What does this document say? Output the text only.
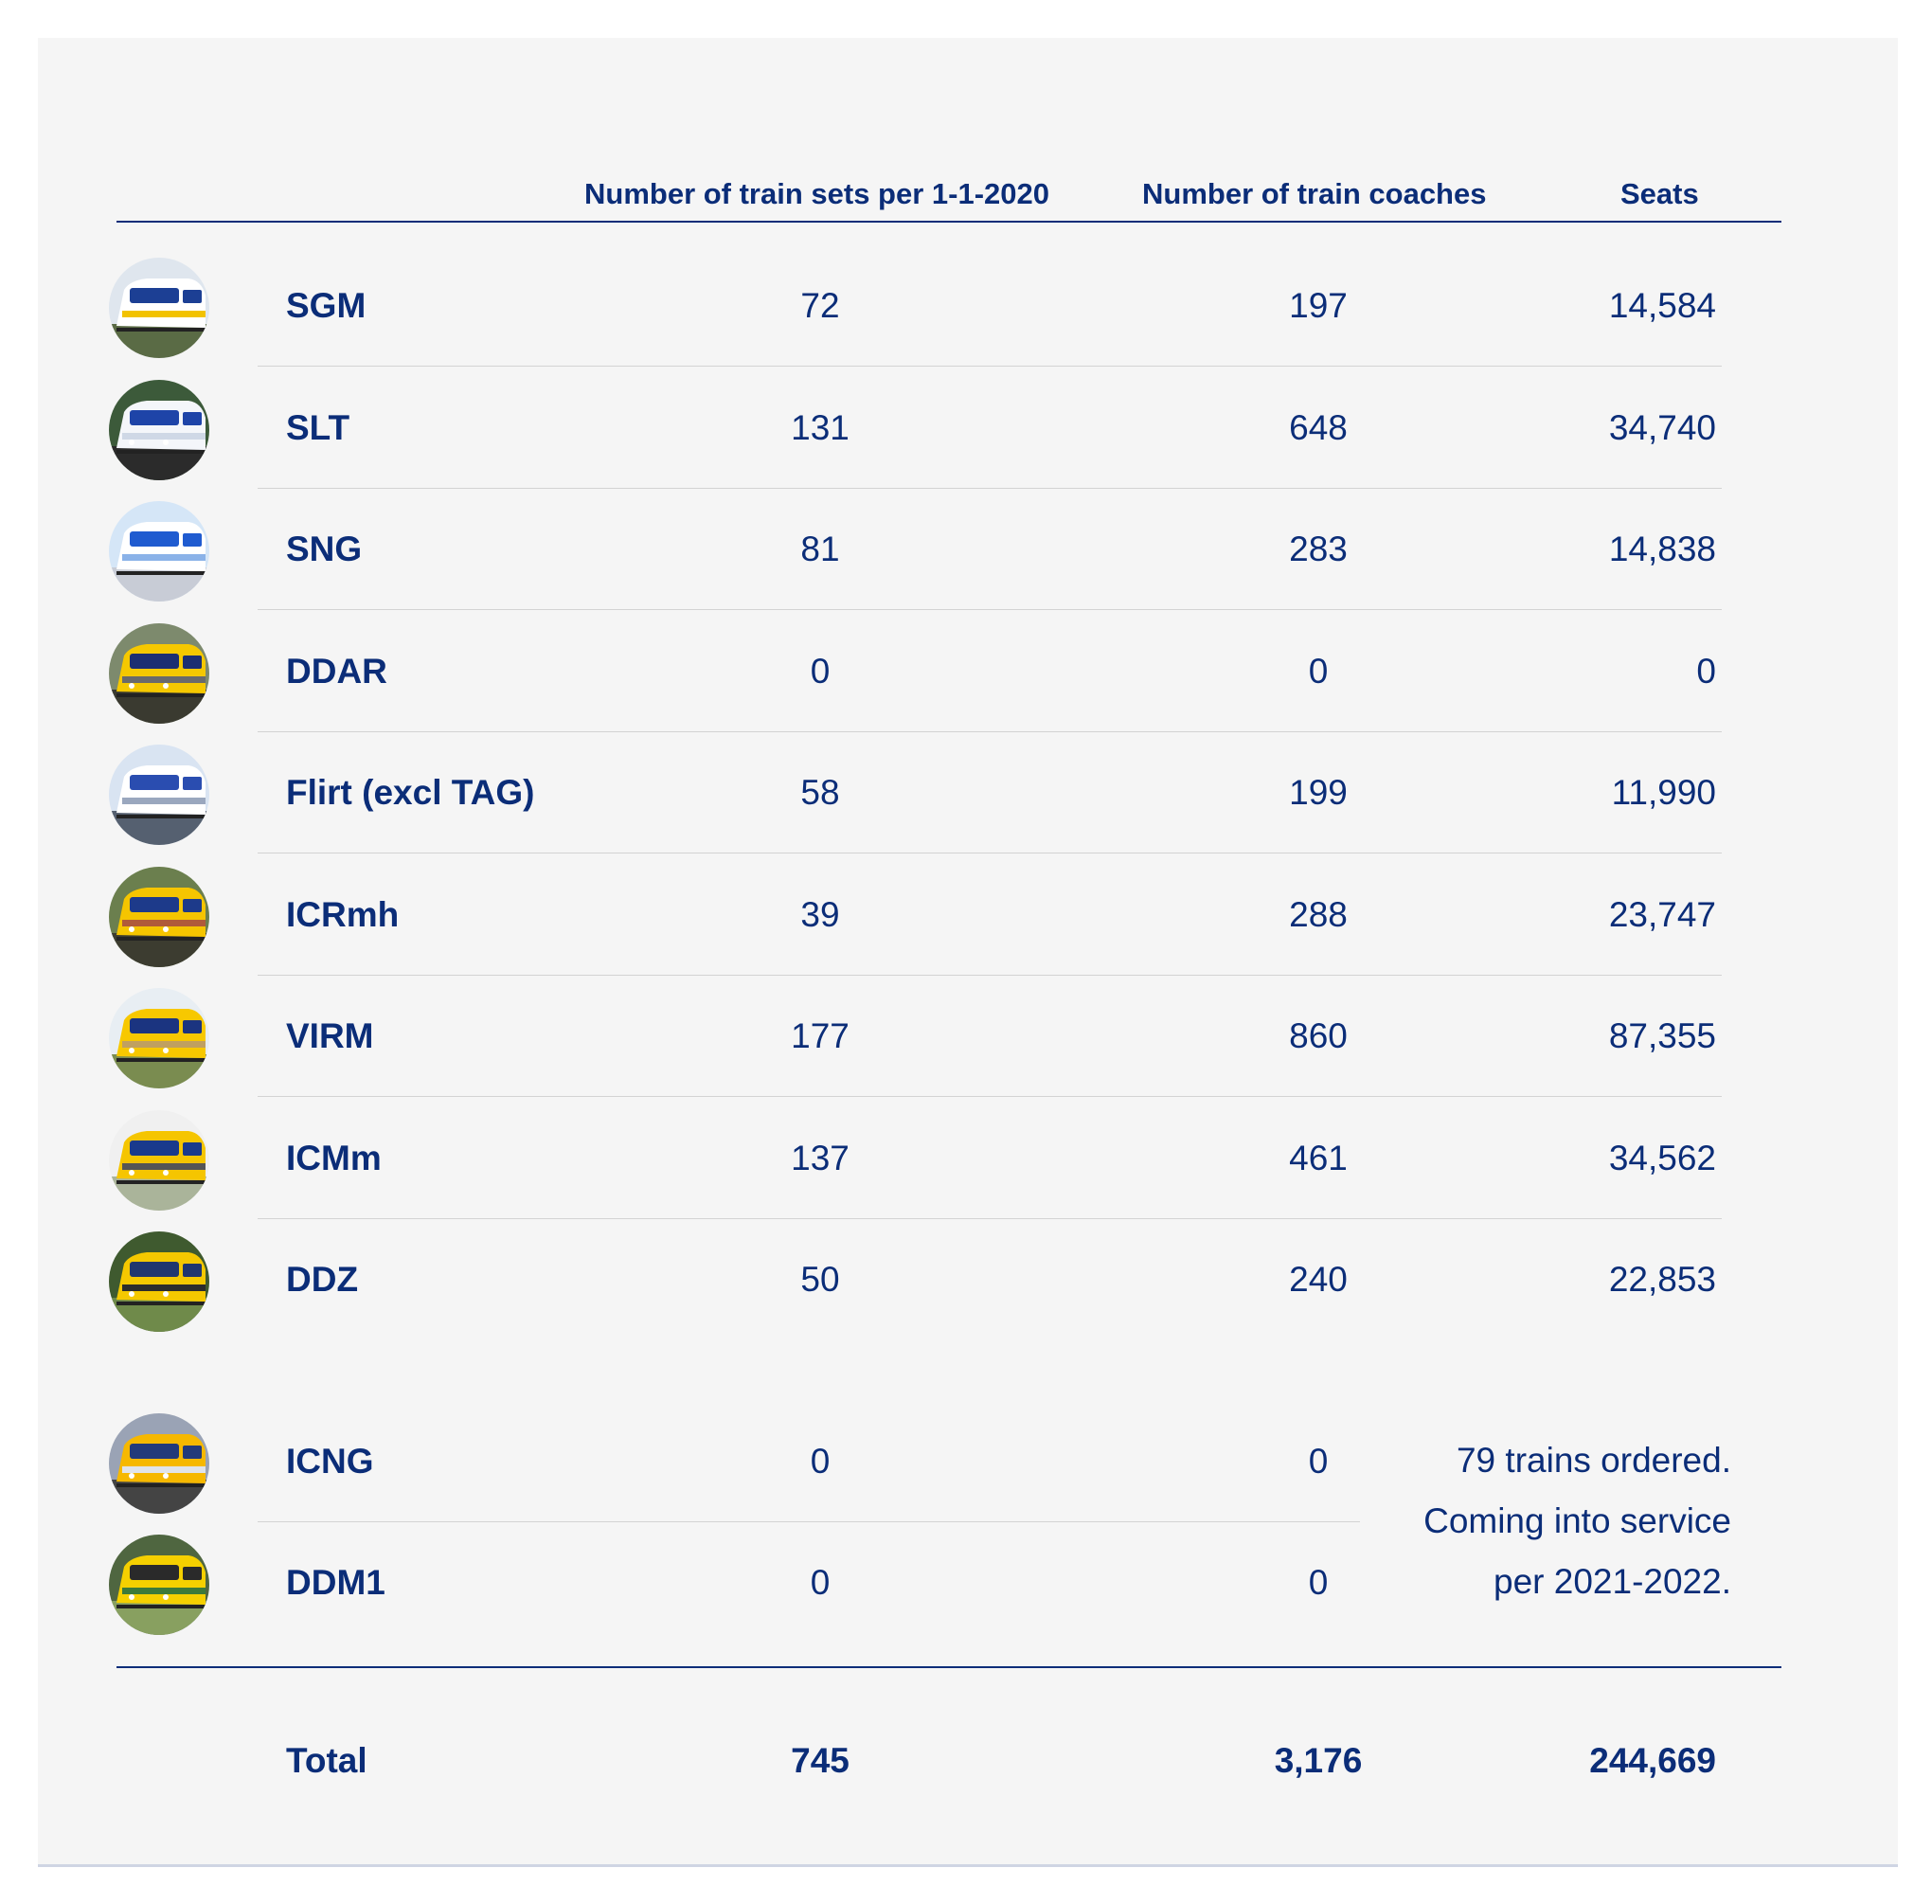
Number of train sets per 1-1-2020	Number of train coaches	Seats
SGM	72	197	14,584
SLT	131	648	34,740
SNG	81	283	14,838
DDAR	0	0	0
Flirt (excl TAG)	58	199	11,990
ICRmh	39	288	23,747
VIRM	177	860	87,355
ICMm	137	461	34,562
DDZ	50	240	22,853
ICNG	0	0
DDM1	0	0
79 trains ordered.
Coming into service
per 2021-2022.
Total	745	3,176	244,669
